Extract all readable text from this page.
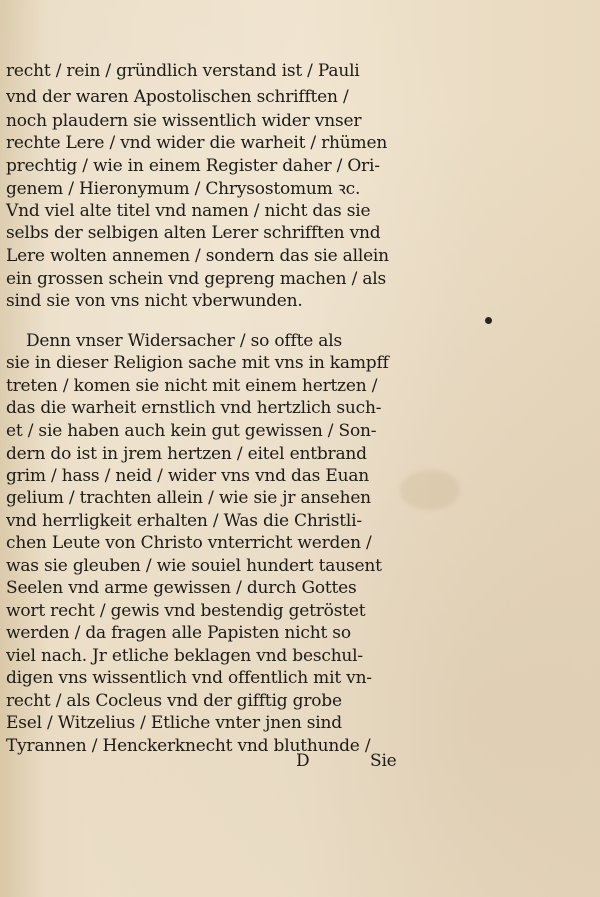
recht / rein / gründlich verstand ist / Pauli
vnd der waren Apostolischen schrifften /
noch plaudern sie wissentlich wider vnser
rechte Lere / vnd wider die warheit / rhümen
prechtig / wie in einem Register daher / Ori-
genem / Hieronymum / Chrysostomum ꝛc.
Vnd viel alte titel vnd namen / nicht das sie
selbs der selbigen alten Lerer schrifften vnd
Lere wolten annemen / sondern das sie allein
ein grossen schein vnd gepreng machen / als
sind sie von vns nicht vberwunden.
Denn vnser Widersacher / so offte als
sie in dieser Religion sache mit vns in kampff
treten / komen sie nicht mit einem hertzen /
das die warheit ernstlich vnd hertzlich such-
et / sie haben auch kein gut gewissen / Son-
dern do ist in jrem hertzen / eitel entbrand
grim / hass / neid / wider vns vnd das Euan
gelium / trachten allein / wie sie jr ansehen
vnd herrligkeit erhalten / Was die Christli-
chen Leute von Christo vnterricht werden /
was sie gleuben / wie souiel hundert tausent
Seelen vnd arme gewissen / durch Gottes
wort recht / gewis vnd bestendig getröstet
werden / da fragen alle Papisten nicht so
viel nach. Jr etliche beklagen vnd beschul-
digen vns wissentlich vnd offentlich mit vn-
recht / als Cocleus vnd der gifftig grobe
Esel / Witzelius / Etliche vnter jnen sind
Tyrannen / Henckerknecht vnd bluthunde /
D	Sie
